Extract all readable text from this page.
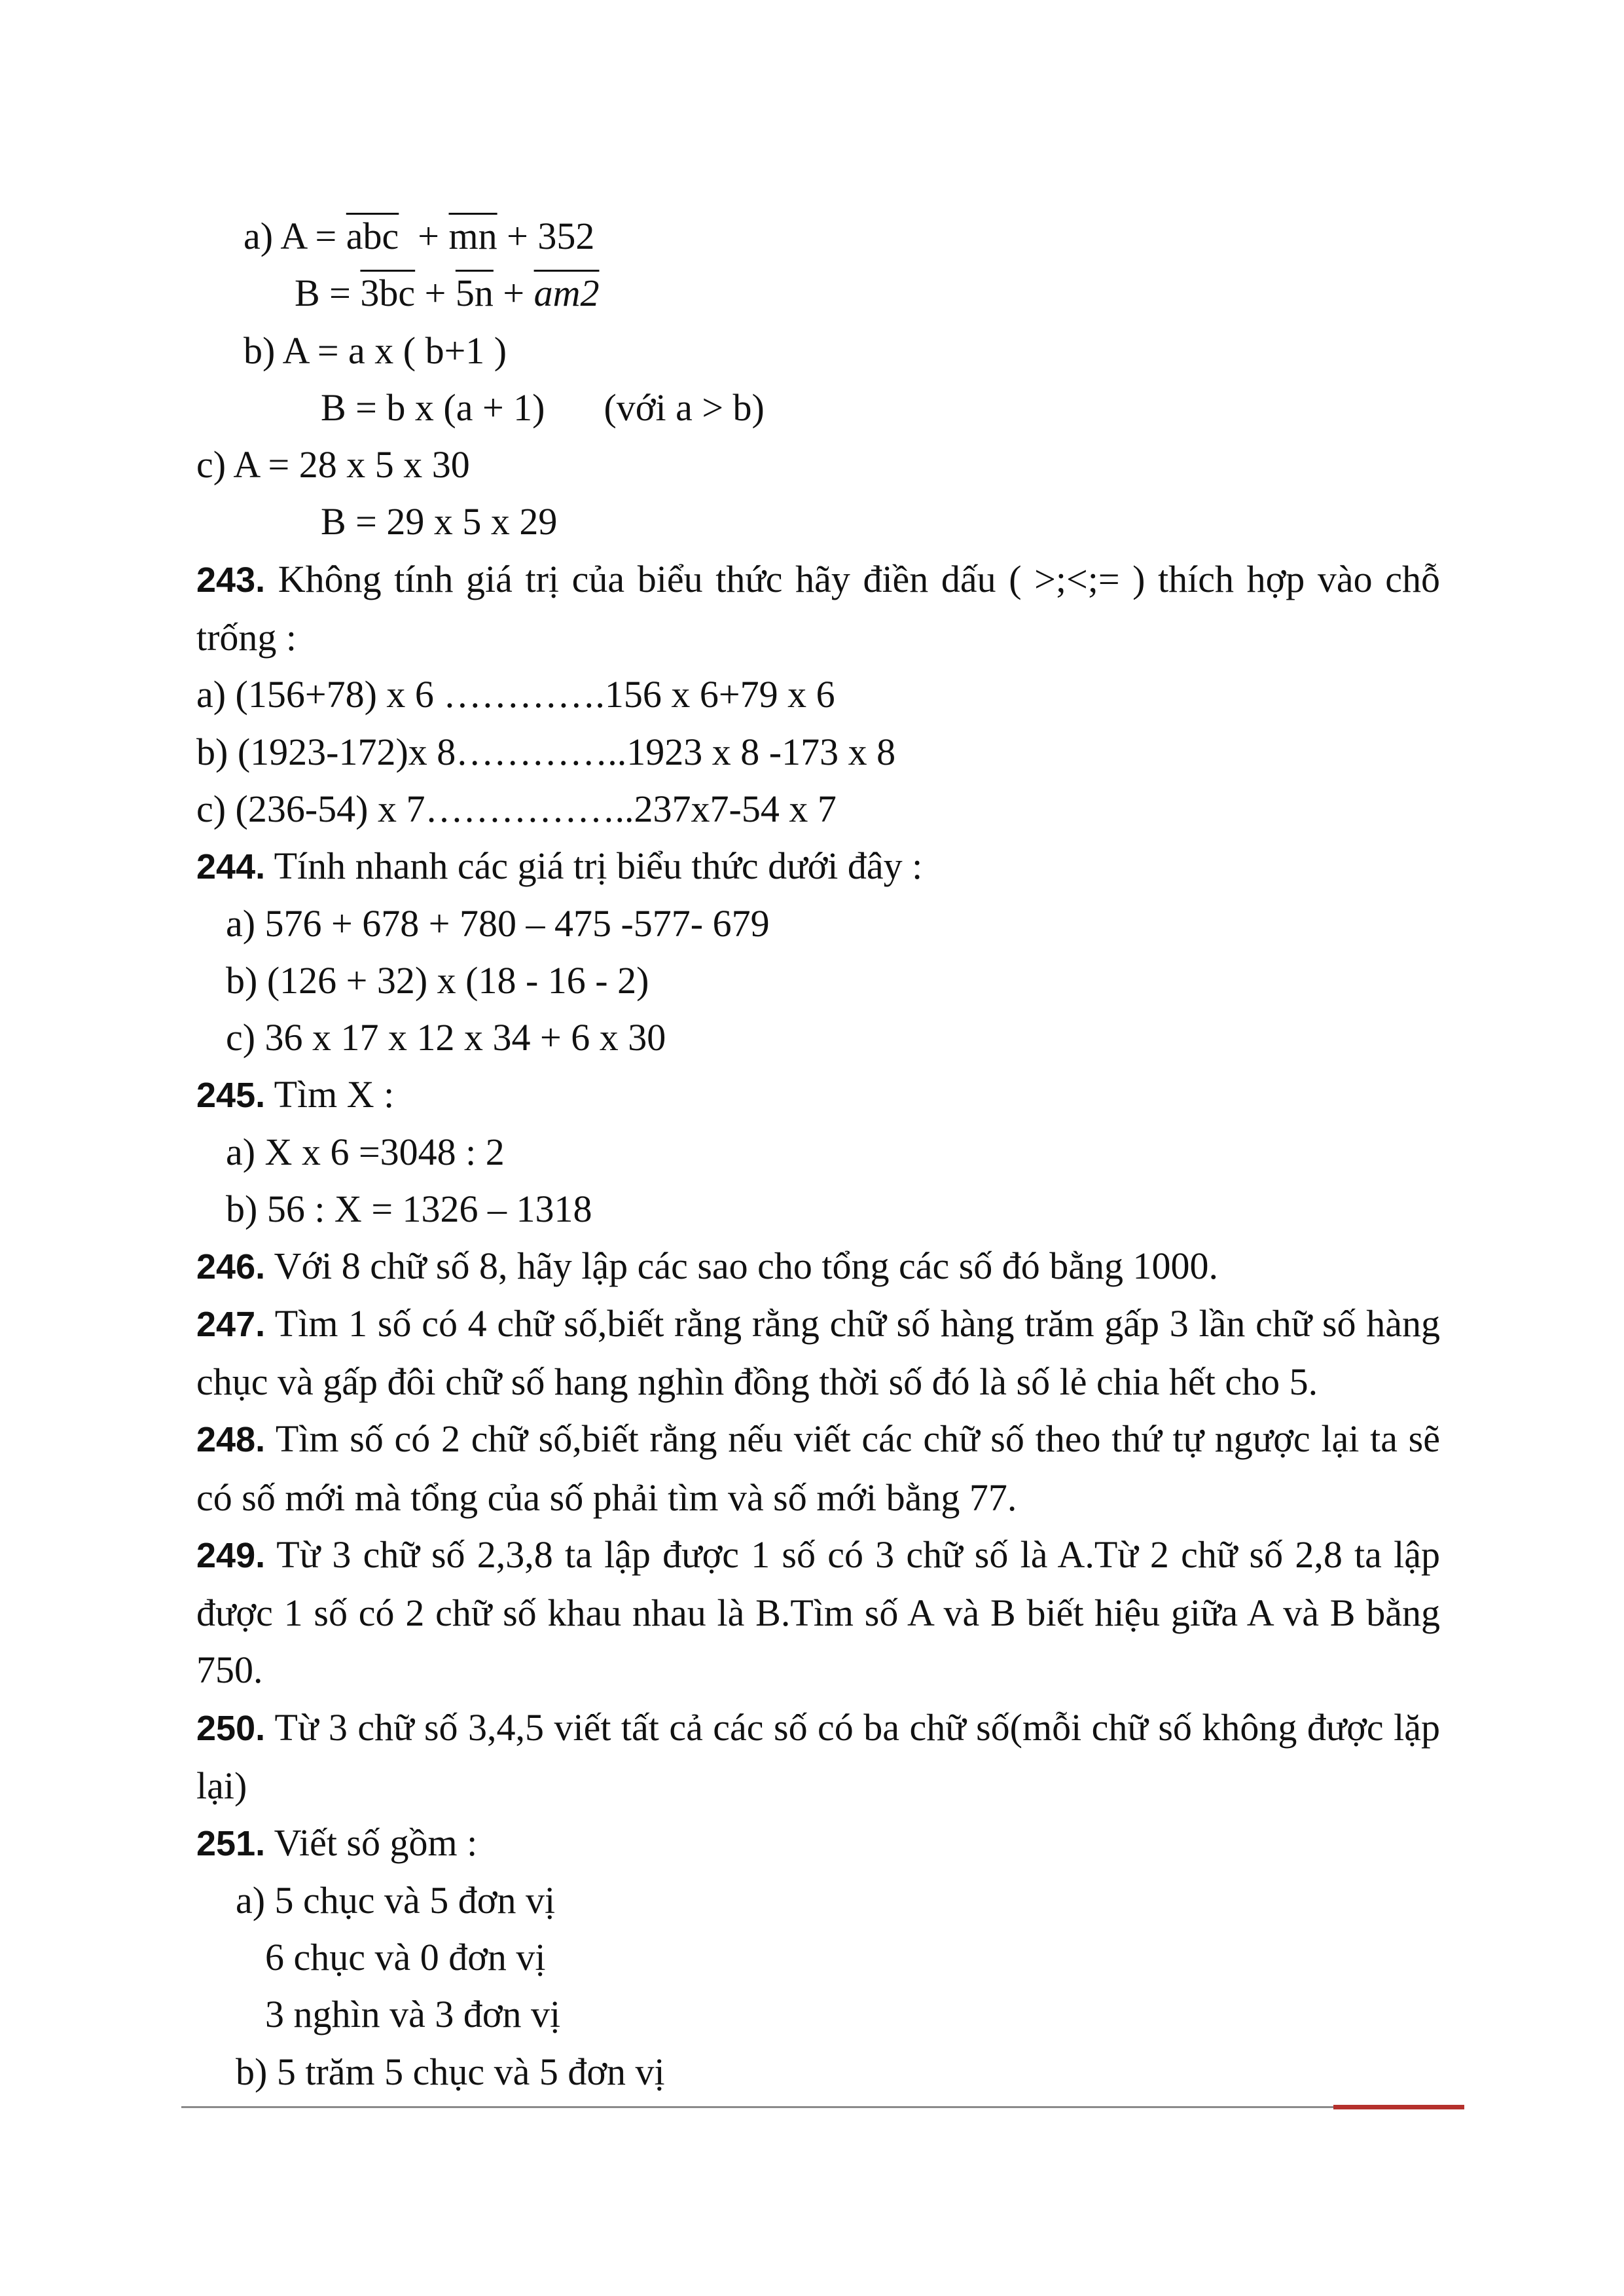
a) $A = \overline{abc} + \overline{mn} + 352$
B = 3bc + 5n + am2
b) A = a x ( b+1 )
B = b x (a + 1) (với a > b)
c) A = 28 x 5 x 30
B = 29 x 5 x 29
243. Không tính giá trị của biểu thức hãy điền dấu ( >;<;= ) thích hợp vào chỗ trống :
a) (156+78) x 6 ………….156 x 6+79 x 6
b) (1923-172)x 8…………..1923 x 8 -173 x 8
c) (236-54) x 7……………..237x7-54 x 7
244. Tính nhanh các giá trị biểu thức dưới đây :
a) 576 + 678 + 780 – 475 -577- 679
b) (126 + 32) x (18 - 16 - 2)
c) 36 x 17 x 12 x 34 + 6 x 30
245. Tìm X :
a) X x 6 =3048 : 2
b) 56 : X = 1326 – 1318
246. Với 8 chữ số 8, hãy lập các sao cho tổng các số đó bằng 1000.
247. Tìm 1 số có 4 chữ số,biết rằng rằng chữ số hàng trăm gấp 3 lần chữ số hàng chục và gấp đôi chữ số hang nghìn đồng thời số đó là số lẻ chia hết cho 5.
248. Tìm số có 2 chữ số,biết rằng nếu viết các chữ số theo thứ tự ngược lại ta sẽ có số mới mà tổng của số phải tìm và số mới bằng 77.
249. Từ 3 chữ số 2,3,8 ta lập được 1 số có 3 chữ số là A.Từ 2 chữ số 2,8 ta lập được 1 số có 2 chữ số khau nhau là B.Tìm số A và B biết hiệu giữa A và B bằng 750.
250. Từ 3 chữ số 3,4,5 viết tất cả các số có ba chữ số(mỗi chữ số không được lặp lại)
251. Viết số gồm :
a) 5 chục và 5 đơn vị
6 chục và 0 đơn vị
3 nghìn và 3 đơn vị
b) 5 trăm 5 chục và 5 đơn vị
